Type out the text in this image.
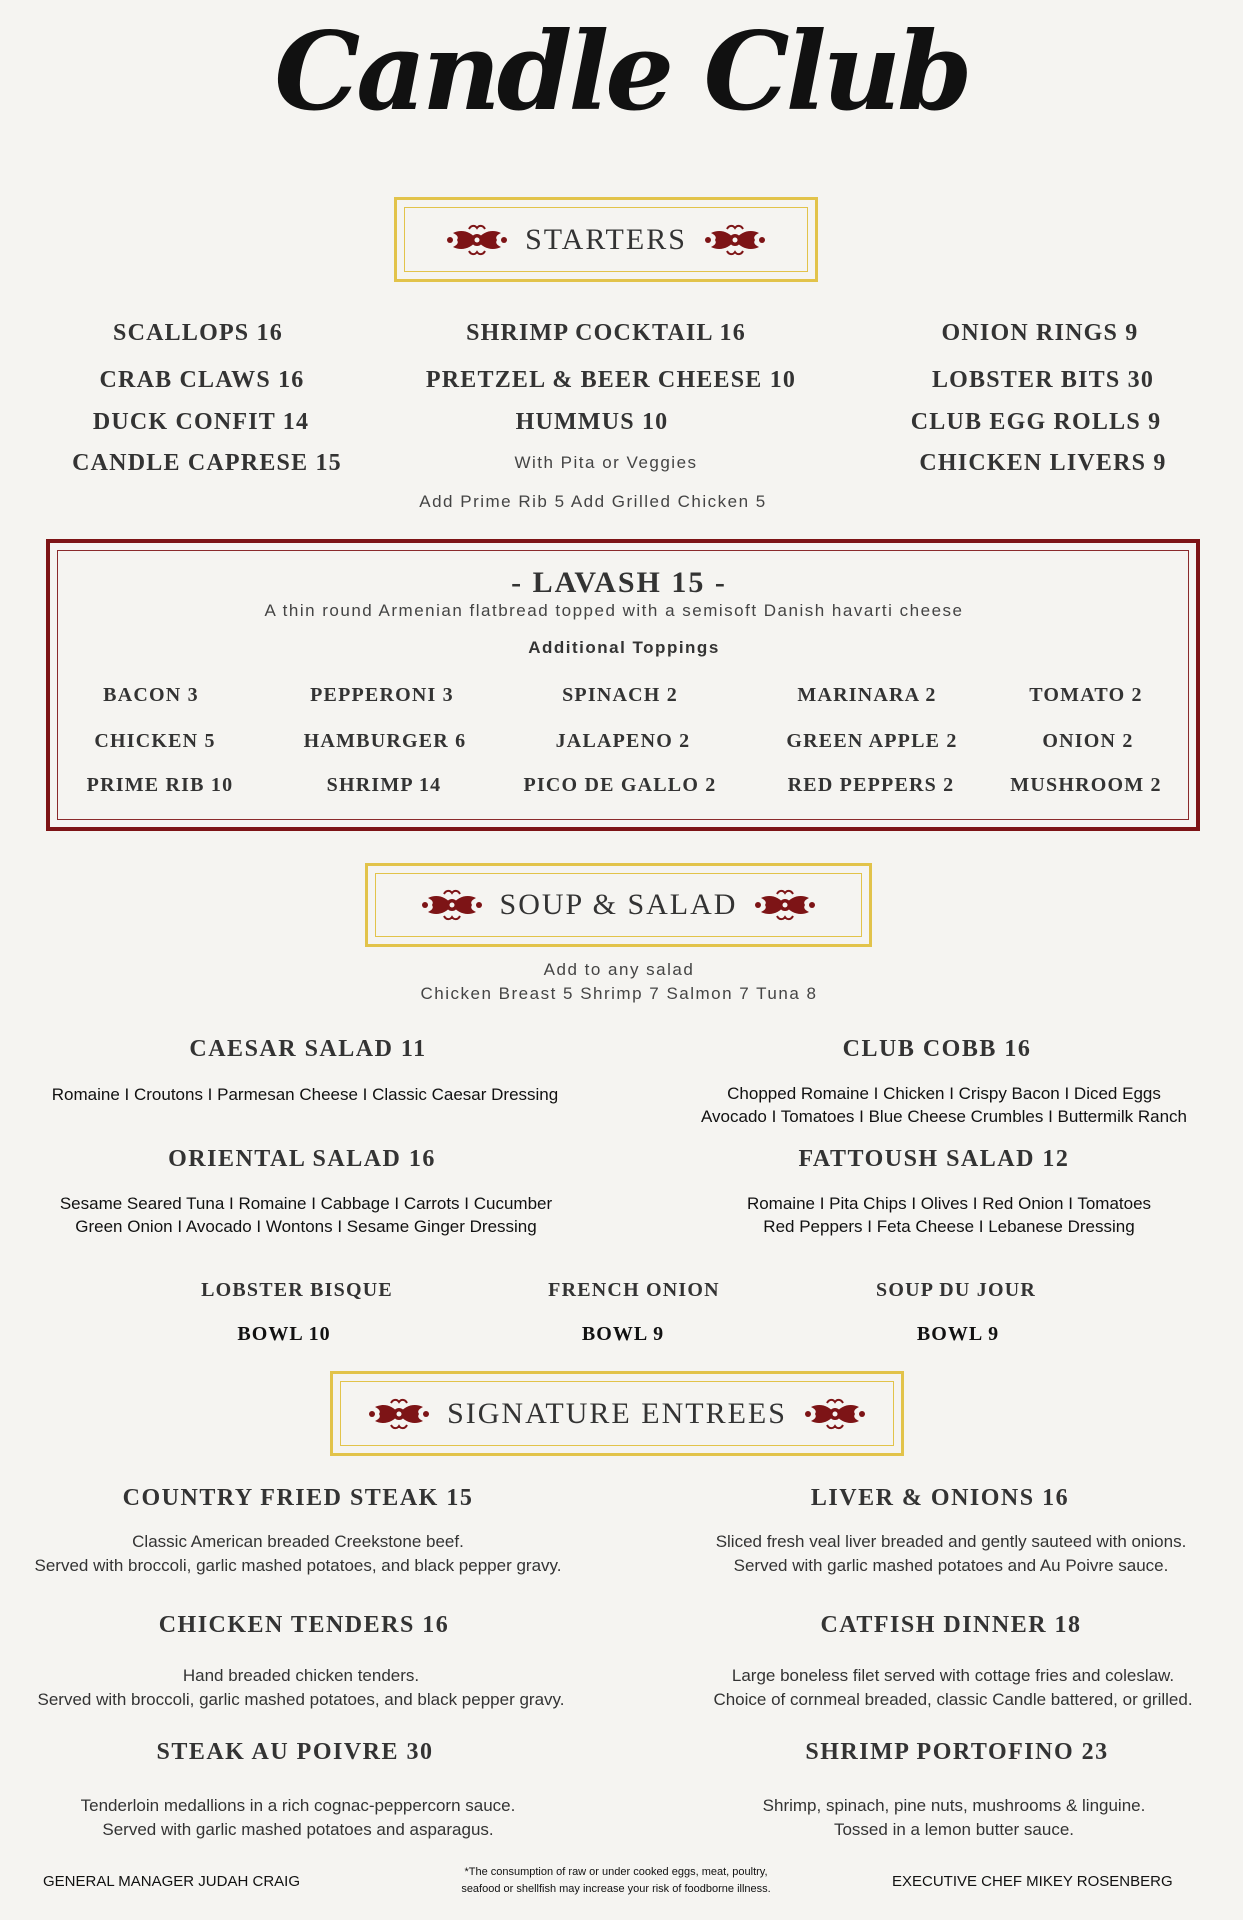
Candle Club
STARTERS
SCALLOPS 16
CRAB CLAWS 16
DUCK CONFIT 14
CANDLE CAPRESE 15
SHRIMP COCKTAIL 16
PRETZEL & BEER CHEESE 10
HUMMUS 10
With Pita or Veggies
Add Prime Rib 5 Add Grilled Chicken 5
ONION RINGS 9
LOBSTER BITS 30
CLUB EGG ROLLS 9
CHICKEN LIVERS 9
- LAVASH 15 -
A thin round Armenian flatbread topped with a semisoft Danish havarti cheese
Additional Toppings
BACON 3	PEPPERONI 3	SPINACH 2	MARINARA 2	TOMATO 2
CHICKEN 5	HAMBURGER 6	JALAPENO 2	GREEN APPLE 2	ONION 2
PRIME RIB 10	SHRIMP 14	PICO DE GALLO 2	RED PEPPERS 2	MUSHROOM 2
SOUP & SALAD
Add to any salad
Chicken Breast 5 Shrimp 7 Salmon 7 Tuna 8
CAESAR SALAD 11
Romaine I Croutons I Parmesan Cheese I Classic Caesar Dressing
CLUB COBB 16
Chopped Romaine I Chicken I Crispy Bacon I Diced Eggs
Avocado I Tomatoes I Blue Cheese Crumbles I Buttermilk Ranch
ORIENTAL SALAD 16
Sesame Seared Tuna I Romaine I Cabbage I Carrots I Cucumber
Green Onion I Avocado I Wontons I Sesame Ginger Dressing
FATTOUSH SALAD 12
Romaine I Pita Chips I Olives I Red Onion I Tomatoes
Red Peppers I Feta Cheese I Lebanese Dressing
LOBSTER BISQUE
BOWL 10
FRENCH ONION
BOWL 9
SOUP DU JOUR
BOWL 9
SIGNATURE ENTREES
COUNTRY FRIED STEAK 15
Classic American breaded Creekstone beef.
Served with broccoli, garlic mashed potatoes, and black pepper gravy.
LIVER & ONIONS 16
Sliced fresh veal liver breaded and gently sauteed with onions.
Served with garlic mashed potatoes and Au Poivre sauce.
CHICKEN TENDERS 16
Hand breaded chicken tenders.
Served with broccoli, garlic mashed potatoes, and black pepper gravy.
CATFISH DINNER 18
Large boneless filet served with cottage fries and coleslaw.
Choice of cornmeal breaded, classic Candle battered, or grilled.
STEAK AU POIVRE 30
Tenderloin medallions in a rich cognac-peppercorn sauce.
Served with garlic mashed potatoes and asparagus.
SHRIMP PORTOFINO 23
Shrimp, spinach, pine nuts, mushrooms & linguine.
Tossed in a lemon butter sauce.
GENERAL MANAGER JUDAH CRAIG
*The consumption of raw or under cooked eggs, meat, poultry,
seafood or shellfish may increase your risk of foodborne illness.	EXECUTIVE CHEF MIKEY ROSENBERG
